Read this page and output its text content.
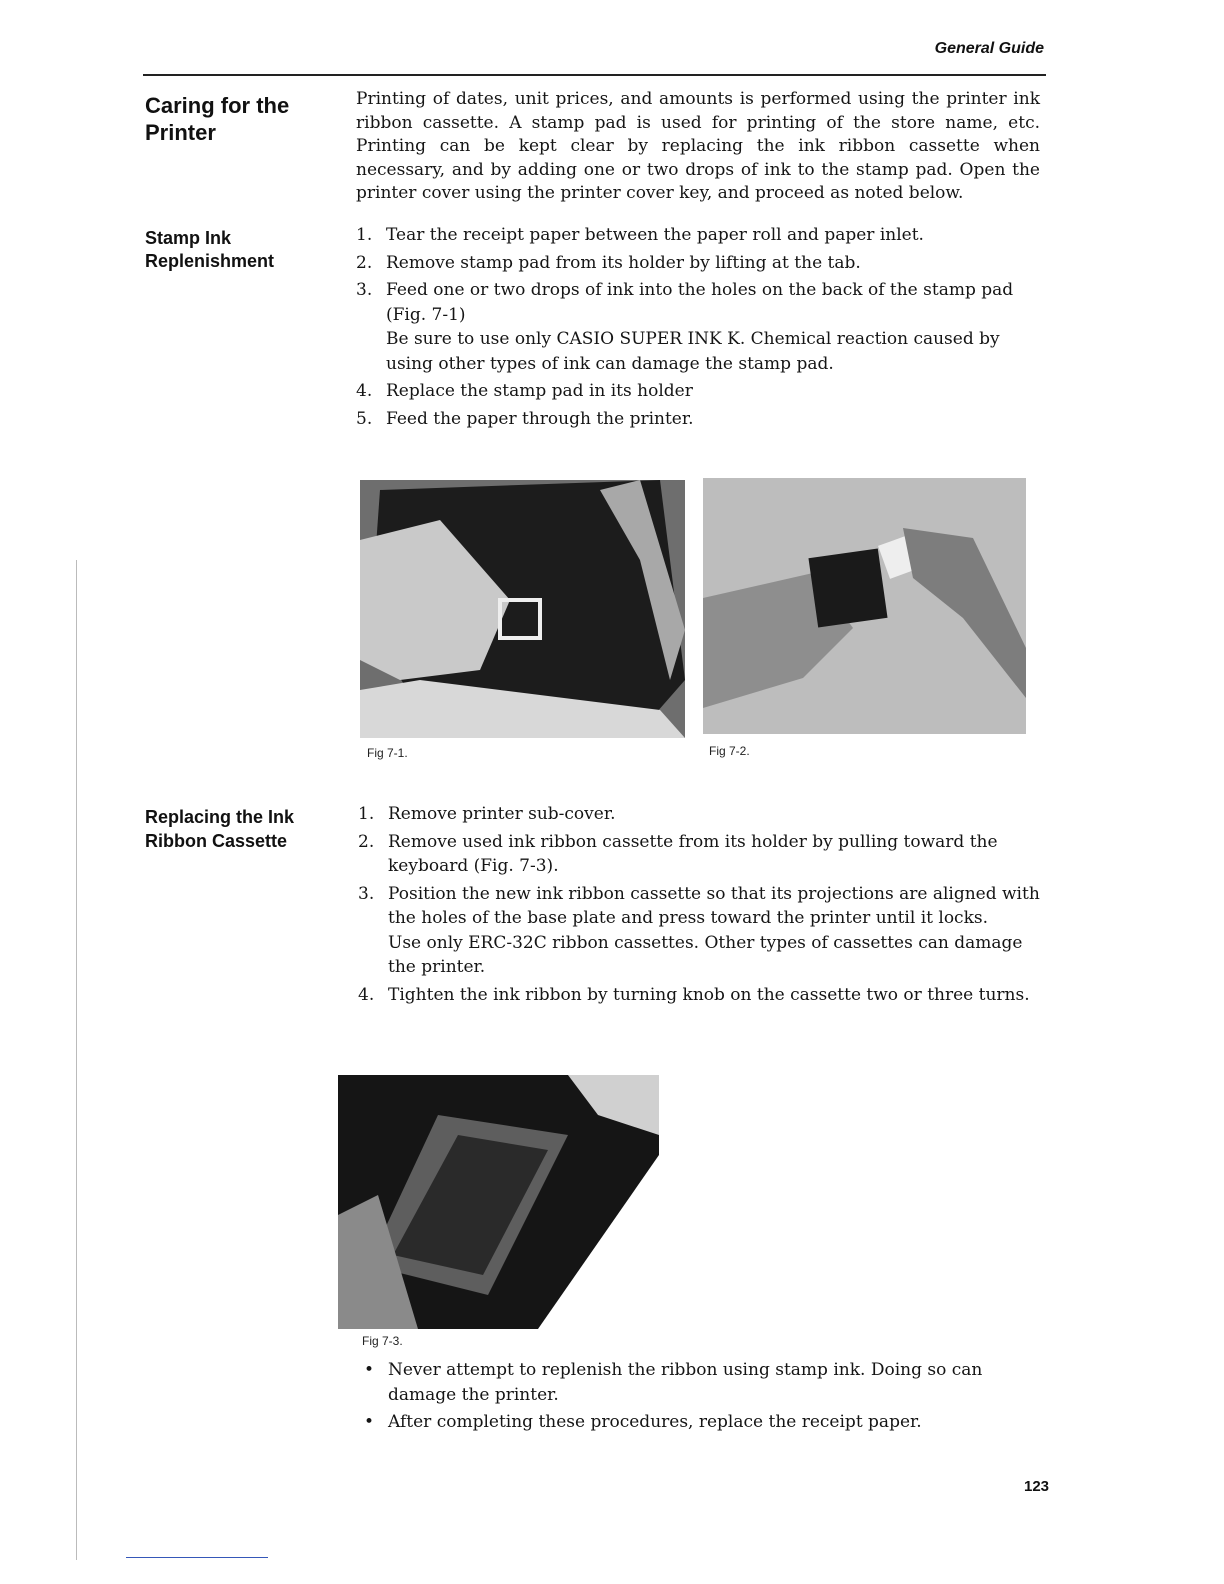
General Guide
Caring for the Printer
Printing of dates, unit prices, and amounts is performed using the printer ink ribbon cassette. A stamp pad is used for printing of the store name, etc. Printing can be kept clear by replacing the ink ribbon cassette when necessary, and by adding one or two drops of ink to the stamp pad. Open the printer cover using the printer cover key, and proceed as noted below.
Stamp Ink Replenishment
1. Tear the receipt paper between the paper roll and paper inlet.
2. Remove stamp pad from its holder by lifting at the tab.
3. Feed one or two drops of ink into the holes on the back of the stamp pad (Fig. 7-1)
Be sure to use only CASIO SUPER INK K. Chemical reaction caused by using other types of ink can damage the stamp pad.
4. Replace the stamp pad in its holder
5. Feed the paper through the printer.
Fig 7-1.	Fig 7-2.
Replacing the Ink Ribbon Cassette
1. Remove printer sub-cover.
2. Remove used ink ribbon cassette from its holder by pulling toward the keyboard (Fig. 7-3).
3. Position the new ink ribbon cassette so that its projections are aligned with the holes of the base plate and press toward the printer until it locks.
Use only ERC-32C ribbon cassettes. Other types of cassettes can damage the printer.
4. Tighten the ink ribbon by turning knob on the cassette two or three turns.
Fig 7-3.
• Never attempt to replenish the ribbon using stamp ink. Doing so can damage the printer.
• After completing these procedures, replace the receipt paper.
123
